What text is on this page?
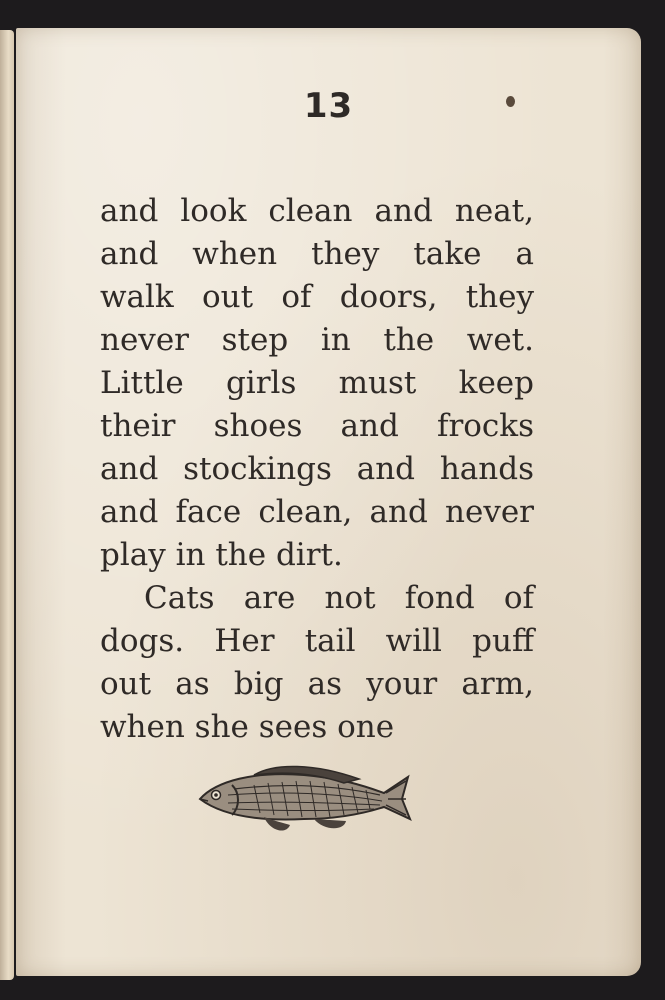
13
and look clean and neat,
and when they take a
walk out of doors, they
never step in the wet.
Little girls must keep
their shoes and frocks
and stockings and hands
and face clean, and never
play in the dirt.
Cats are not fond of
dogs. Her tail will puff
out as big as your arm,
when she sees one
